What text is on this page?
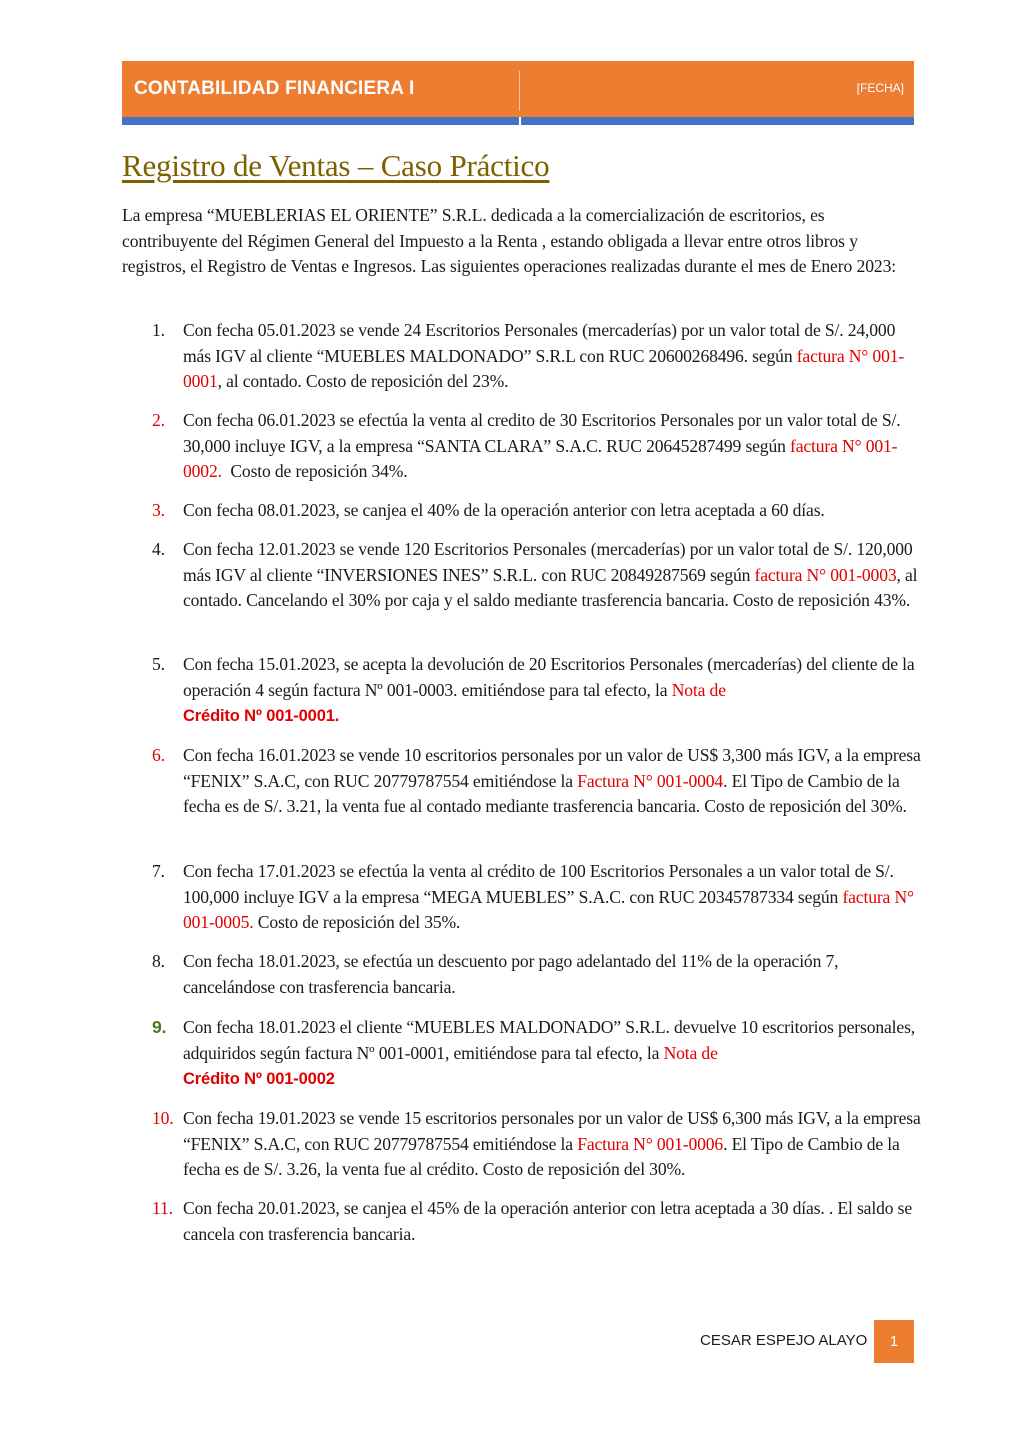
CONTABILIDAD FINANCIERA I	[FECHA]
Registro de Ventas – Caso Práctico

La empresa “MUEBLERIAS EL ORIENTE” S.R.L. dedicada a la comercialización de escritorios, es contribuyente del Régimen General del Impuesto a la Renta , estando obligada a llevar entre otros libros y registros, el Registro de Ventas e Ingresos. Las siguientes operaciones realizadas durante el mes de Enero 2023:

1. Con fecha 05.01.2023 se vende 24 Escritorios Personales (mercaderías) por un valor total de S/. 24,000 más IGV al cliente “MUEBLES MALDONADO” S.R.L con RUC 20600268496. según factura N° 001-0001, al contado. Costo de reposición del 23%.
2. Con fecha 06.01.2023 se efectúa la venta al credito de 30 Escritorios Personales por un valor total de S/. 30,000 incluye IGV, a la empresa “SANTA CLARA” S.A.C. RUC 20645287499 según factura N° 001-0002. Costo de reposición 34%.
3. Con fecha 08.01.2023, se canjea el 40% de la operación anterior con letra aceptada a 60 días.
4. Con fecha 12.01.2023 se vende 120 Escritorios Personales (mercaderías) por un valor total de S/. 120,000 más IGV al cliente “INVERSIONES INES” S.R.L. con RUC 20849287569 según factura N° 001-0003, al contado. Cancelando el 30% por caja y el saldo mediante trasferencia bancaria. Costo de reposición 43%.
5. Con fecha 15.01.2023, se acepta la devolución de 20 Escritorios Personales (mercaderías) del cliente de la operación 4 según factura Nº 001-0003. emitiéndose para tal efecto, la Nota de
Crédito Nº 001-0001.
6. Con fecha 16.01.2023 se vende 10 escritorios personales por un valor de US$ 3,300 más IGV, a la empresa “FENIX” S.A.C, con RUC 20779787554 emitiéndose la Factura N° 001-0004. El Tipo de Cambio de la fecha es de S/. 3.21, la venta fue al contado mediante trasferencia bancaria. Costo de reposición del 30%.
7. Con fecha 17.01.2023 se efectúa la venta al crédito de 100 Escritorios Personales a un valor total de S/. 100,000 incluye IGV a la empresa “MEGA MUEBLES” S.A.C. con RUC 20345787334 según factura N° 001-0005. Costo de reposición del 35%.
8. Con fecha 18.01.2023, se efectúa un descuento por pago adelantado del 11% de la operación 7, cancelándose con trasferencia bancaria.
9. Con fecha 18.01.2023 el cliente “MUEBLES MALDONADO” S.R.L. devuelve 10 escritorios personales, adquiridos según factura Nº 001-0001, emitiéndose para tal efecto, la Nota de
Crédito Nº 001-0002
10. Con fecha 19.01.2023 se vende 15 escritorios personales por un valor de US$ 6,300 más IGV, a la empresa “FENIX” S.A.C, con RUC 20779787554 emitiéndose la Factura N° 001-0006. El Tipo de Cambio de la fecha es de S/. 3.26, la venta fue al crédito. Costo de reposición del 30%.
11. Con fecha 20.01.2023, se canjea el 45% de la operación anterior con letra aceptada a 30 días. . El saldo se cancela con trasferencia bancaria.
CESAR ESPEJO ALAYO	1
